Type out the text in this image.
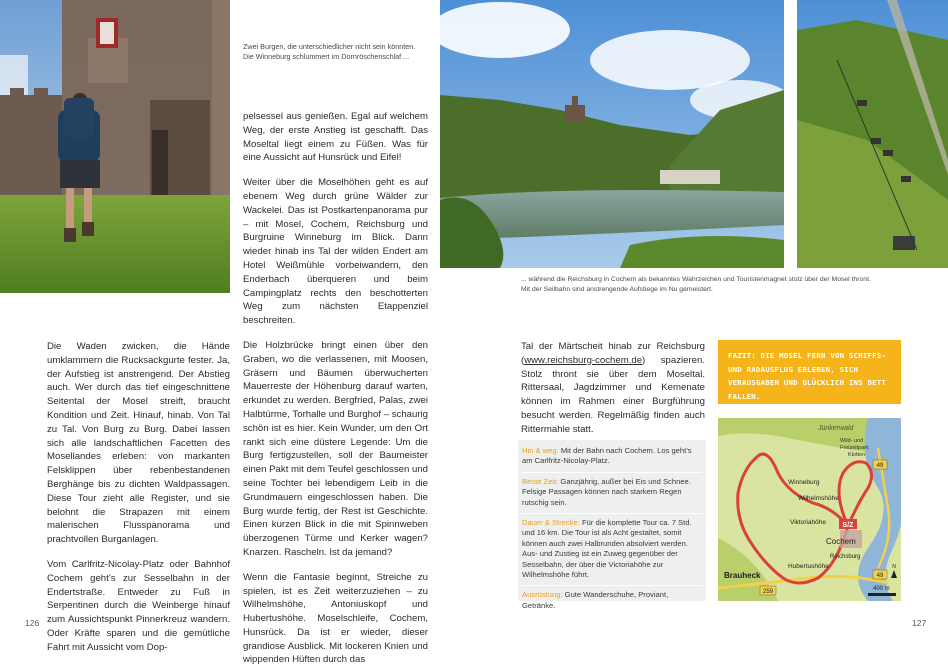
Zwei Burgen, die unterschiedlicher nicht sein könnten.
Die Winneburg schlummert im Dornröschenschlaf ...
... während die Reichsburg in Cochem als bekanntes Wahrzeichen und Touristenmagnet stolz über der Mosel thront.
Mit der Seilbahn sind anstrengende Aufstiege im Nu gemeistert.

Die Waden zwicken, die Hände umklammern die Rucksackgurte fester. Ja, der Aufstieg ist anstrengend. Der Abstieg auch. Wer durch das tief eingeschnittene Seitental der Mosel streift, braucht Kondition und Zeit. Hinauf, hinab. Von Tal zu Tal. Von Burg zu Burg. Dabei lassen sich alle landschaftlichen Facetten des Mosellandes erleben: von markanten Felsklippen über rebenbestandenen Berghänge bis zu dichten Waldpassagen. Diese Tour zieht alle Register, und sie belohnt die Strapazen mit einem malerischen Flusspanorama und prachtvollen Burganlagen.

Vom Carlfritz-Nicolay-Platz oder Bahnhof Cochem geht’s zur Sesselbahn in der Endertstraße. Entweder zu Fuß in Serpentinen durch die Weinberge hinauf zum Aussichtspunkt Pinnerkreuz wandern. Oder Kräfte sparen und die gemütliche Fahrt mit Aussicht vom Dop-

pelsessel aus genießen. Egal auf welchem Weg, der erste Anstieg ist geschafft. Das Moseltal liegt einem zu Füßen. Was für eine Aussicht auf Hunsrück und Eifel!

Weiter über die Moselhöhen geht es auf ebenem Weg durch grüne Wälder zur Wackelei. Das ist Postkartenpanorama pur – mit Mosel, Cochem, Reichsburg und Burgruine Winneburg im Blick. Dann wieder hinab ins Tal der wilden Endert am Hotel Weißmühle vorbeiwandern, den Enderbach überqueren und beim Campingplatz rechts den beschotterten Weg zum nächsten Etappenziel beschreiten.

Die Holzbrücke bringt einen über den Graben, wo die verlassenen, mit Moosen, Gräsern und Bäumen überwucherten Mauerreste der Höhenburg darauf warten, erkundet zu werden. Bergfried, Palas, zwei Halbtürme, Torhalle und Burghof – schaurig schön ist es hier. Kein Wunder, um den Ort rankt sich eine düstere Legende: Um die Burg fertigzustellen, soll der Baumeister einen Pakt mit dem Teufel geschlossen und seine Tochter bei lebendigem Leib in die Grundmauern eingeschlossen haben. Die Burg wurde fertig, der Rest ist Geschichte. Einen kurzen Blick in die mit Spinnweben überzogenen Türme und Kerker wagen? Knarzen. Rascheln. Ist da jemand?

Wenn die Fantasie beginnt, Streiche zu spielen, ist es Zeit weiterzuziehen – zu Wilhelmshöhe, Antoniuskopf und Hubertushöhe. Moselschleife, Cochem, Hunsrück. Da ist er wieder, dieser grandiose Ausblick. Mit lockeren Knien und wippenden Hüften durch das

Tal der Märtscheit hinab zur Reichsburg (www.reichsburg-cochem.de) spazieren. Stolz thront sie über dem Moseltal. Rittersaal, Jagdzimmer und Kemenate können im Rahmen einer Burgführung besucht werden. Regelmäßig finden auch Rittermahle statt.

Hin & weg: Mit der Bahn nach Cochem. Los geht’s am Carlfritz-Nicolay-Platz.
Beste Zeit: Ganzjährig, außer bei Eis und Schnee. Felsige Passagen können nach starkem Regen rutschig sein.
Dauer & Strecke: Für die komplette Tour ca. 7 Std. und 16 km. Die Tour ist als Acht gestaltet, somit können auch zwei Halbrunden absolviert werden. Aus- und Zustieg ist ein Zuweg gegenüber der Sesselbahn, der über die Victoriahöhe zur Wilhelmshöhe führt.
Ausrüstung: Gute Wanderschuhe, Proviant, Getränke.
FAZIT: DIE MOSEL FERN VON SCHIFFS- UND RADAUSFLUG ERLEBEN, SICH VERAUSGABEN UND GLÜCKLICH INS BETT FALLEN.
S/Z
Jünkerwald
Wild- und
Freizeitpark
Klotten
Winneburg
Wilhelmshöhe
Viktoriahöhe
Cochem
Reichsburg
Hubertushöhe
Brauheck
49
49
259	400 m
N
126	127
